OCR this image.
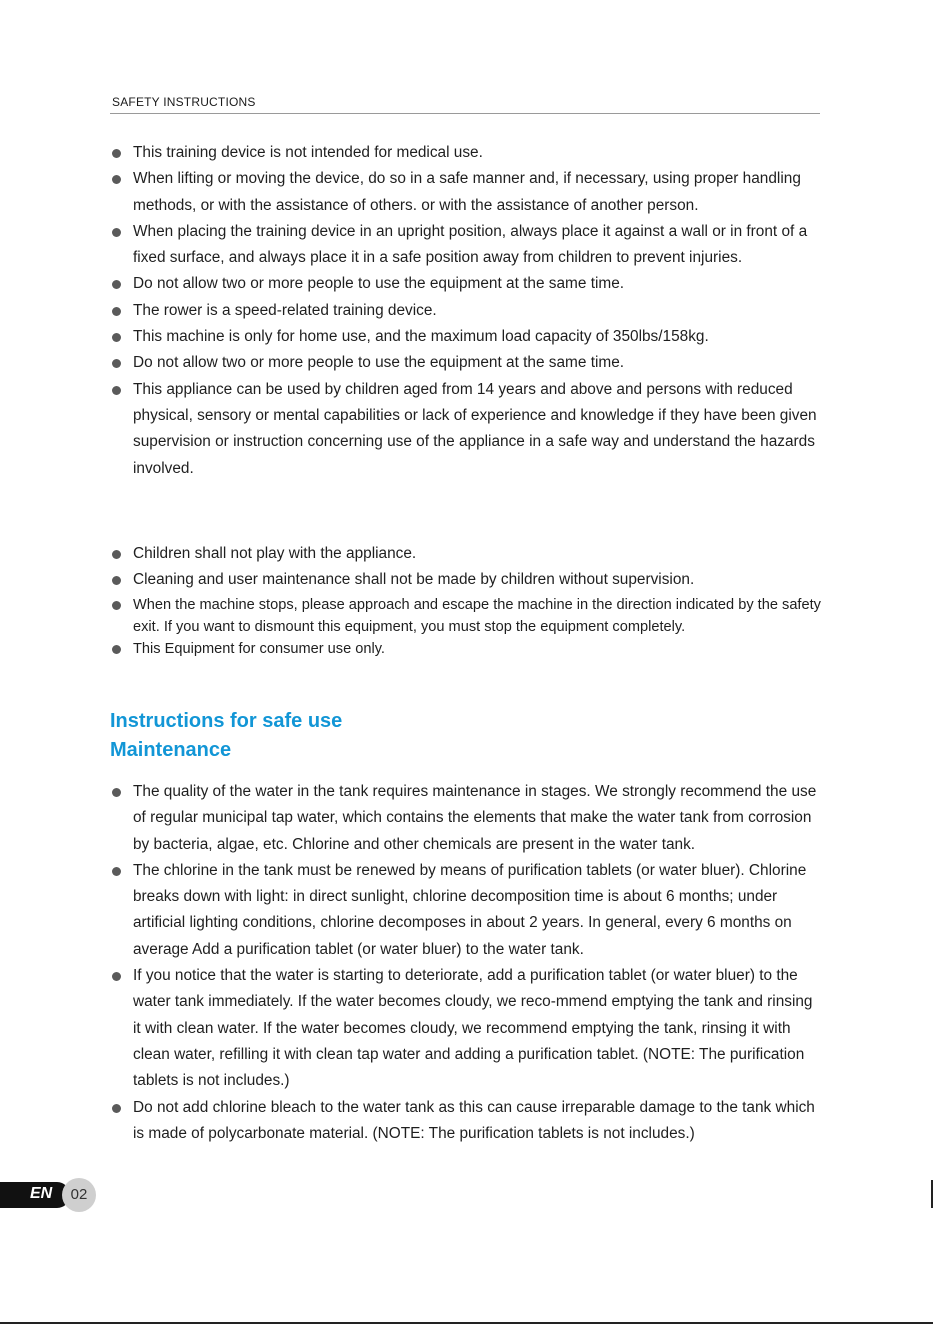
SAFETY INSTRUCTIONS
This training device is not intended for medical use.
When lifting or moving the device, do so in a safe manner and, if necessary, using proper handling methods, or with the assistance of others. or with the assistance of another person.
When placing the training device in an upright position, always place it against a wall or in front of a fixed surface, and always place it in a safe position away from children to prevent injuries.
Do not allow two or more people to use the equipment at the same time.
The rower is a speed-related training device.
This machine is only for home use, and the maximum load capacity of 350lbs/158kg.
Do not allow two or more people to use the equipment at the same time.
This appliance can be used by children aged from 14 years and above and persons with reduced physical, sensory or mental capabilities or lack of experience and knowledge if they have been given supervision or instruction concerning use of the appliance in a safe way and understand the hazards involved.
Children shall not play with the appliance.
Cleaning and user maintenance shall not be made by children without supervision.
When the machine stops, please approach and escape the machine in the direction indicated by the safety exit. If you want to dismount this equipment, you must stop the equipment completely.
This Equipment for consumer use only.
Instructions for safe use
Maintenance
The quality of the water in the tank requires maintenance in stages. We strongly recommend the use of regular municipal tap water, which contains the elements that make the water tank from corrosion by bacteria, algae, etc. Chlorine and other chemicals are present in the water tank.
The chlorine in the tank must be renewed by means of purification tablets (or water bluer). Chlorine breaks down with light: in direct sunlight, chlorine decomposition time is about 6 months; under artificial lighting conditions, chlorine decomposes in about 2 years. In general, every 6 months on average Add a purification tablet (or water bluer) to the water tank.
If you notice that the water is starting to deteriorate, add a purification tablet (or water bluer) to the water tank immediately. If the water becomes cloudy, we reco-mmend emptying the tank and rinsing it with clean water. If the water becomes cloudy, we recommend emptying the tank, rinsing it with clean water, refilling it with clean tap water and adding a purification tablet. (NOTE: The purification tablets is not includes.)
Do not add chlorine bleach to the water tank as this can cause irreparable damage to the tank which is made of polycarbonate material. (NOTE: The purification tablets is not includes.)
EN	02
